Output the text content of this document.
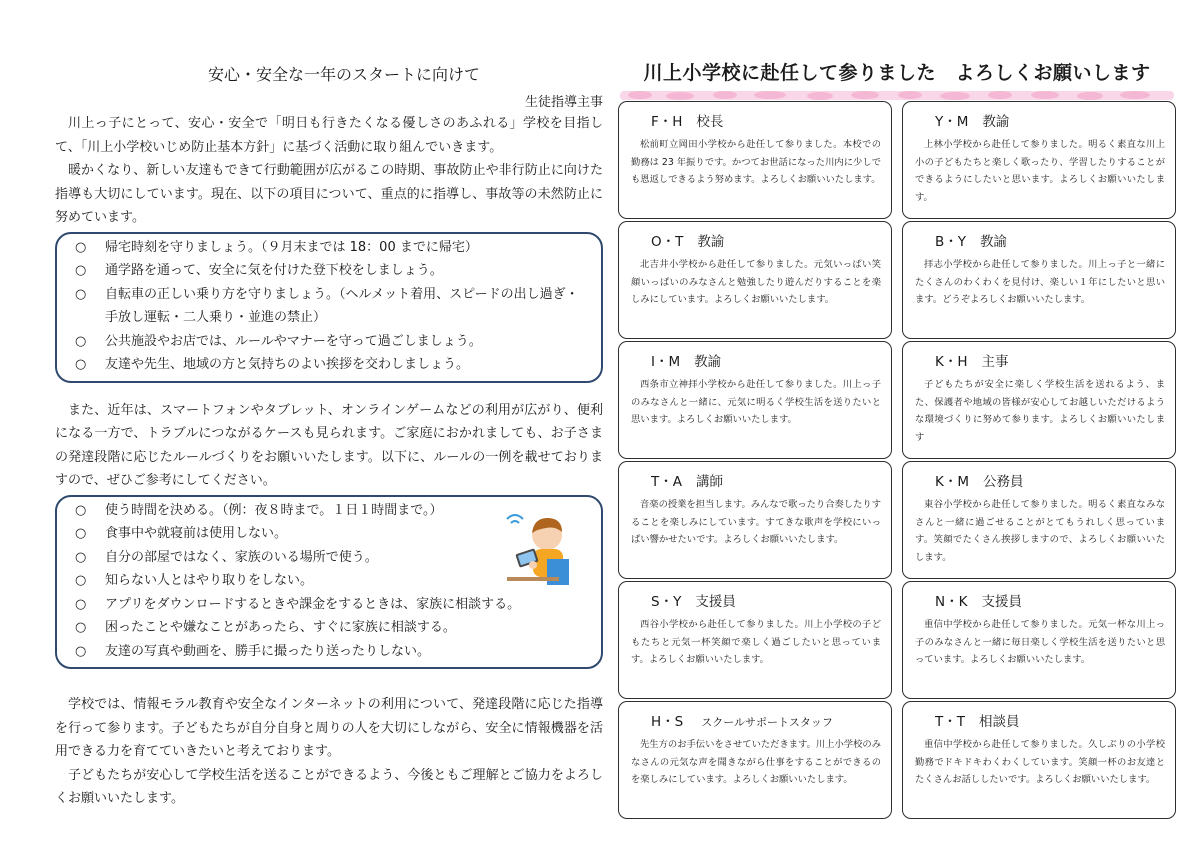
安心・安全な一年のスタートに向けて

生徒指導主事

川上っ子にとって、安心・安全で「明日も行きたくなる優しさのあふれる」学校を目指して、「川上小学校いじめ防止基本方針」に基づく活動に取り組んでいきます。

暖かくなり、新しい友達もできて行動範囲が広がるこの時期、事故防止や非行防止に向けた指導も大切にしています。現在、以下の項目について、重点的に指導し、事故等の未然防止に努めています。

○ 帰宅時刻を守りましょう。（９月末までは 18：00 までに帰宅）
○ 通学路を通って、安全に気を付けた登下校をしましょう。
○ 自転車の正しい乗り方を守りましょう。（ヘルメット着用、スピードの出し過ぎ・手放し運転・二人乗り・並進の禁止）
○ 公共施設やお店では、ルールやマナーを守って過ごしましょう。
○ 友達や先生、地域の方と気持ちのよい挨拶を交わしましょう。

また、近年は、スマートフォンやタブレット、オンラインゲームなどの利用が広がり、便利になる一方で、トラブルにつながるケースも見られます。ご家庭におかれましても、お子さまの発達段階に応じたルールづくりをお願いいたします。以下に、ルールの一例を載せておりますので、ぜひご参考にしてください。

○ 使う時間を決める。（例：夜８時まで。１日１時間まで。）
○ 食事中や就寝前は使用しない。
○ 自分の部屋ではなく、家族のいる場所で使う。
○ 知らない人とはやり取りをしない。
○ アプリをダウンロードするときや課金をするときは、家族に相談する。
○ 困ったことや嫌なことがあったら、すぐに家族に相談する。
○ 友達の写真や動画を、勝手に撮ったり送ったりしない。

学校では、情報モラル教育や安全なインターネットの利用について、発達段階に応じた指導を行って参ります。子どもたちが自分自身と周りの人を大切にしながら、安全に情報機器を活用できる力を育てていきたいと考えております。

子どもたちが安心して学校生活を送ることができるよう、今後ともご理解とご協力をよろしくお願いいたします。

川上小学校に赴任して参りました　よろしくお願いします

F・H 校長

松前町立岡田小学校から赴任して参りました。本校での勤務は 23 年振りです。かつてお世話になった川内に少しでも恩返しできるよう努めます。よろしくお願いいたします。

Y・M 教諭

上林小学校から赴任して参りました。明るく素直な川上小の子どもたちと楽しく歌ったり、学習したりすることができるようにしたいと思います。よろしくお願いいたします。

O・T 教諭

北吉井小学校から赴任して参りました。元気いっぱい笑顔いっぱいのみなさんと勉強したり遊んだりすることを楽しみにしています。よろしくお願いいたします。

B・Y 教諭

拝志小学校から赴任して参りました。川上っ子と一緒にたくさんのわくわくを見付け、楽しい１年にしたいと思います。どうぞよろしくお願いいたします。

I・M 教諭

西条市立神拝小学校から赴任して参りました。川上っ子のみなさんと一緒に、元気に明るく学校生活を送りたいと思います。よろしくお願いいたします。

K・H 主事

子どもたちが安全に楽しく学校生活を送れるよう、また、保護者や地域の皆様が安心してお越しいただけるような環境づくりに努めて参ります。よろしくお願いいたします

T・A 講師

音楽の授業を担当します。みんなで歌ったり合奏したりすることを楽しみにしています。すてきな歌声を学校にいっぱい響かせたいです。よろしくお願いいたします。

K・M 公務員

東谷小学校から赴任して参りました。明るく素直なみなさんと一緒に過ごせることがとてもうれしく思っています。笑顔でたくさん挨拶しますので、よろしくお願いいたします。

S・Y 支援員

西谷小学校から赴任して参りました。川上小学校の子どもたちと元気一杯笑顔で楽しく過ごしたいと思っています。よろしくお願いいたします。

N・K 支援員

重信中学校から赴任して参りました。元気一杯な川上っ子のみなさんと一緒に毎日楽しく学校生活を送りたいと思っています。よろしくお願いいたします。

H・S スクールサポートスタッフ

先生方のお手伝いをさせていただきます。川上小学校のみなさんの元気な声を聞きながら仕事をすることができるのを楽しみにしています。よろしくお願いいたします。

T・T 相談員

重信中学校から赴任して参りました。久しぶりの小学校勤務でドキドキわくわくしています。笑顔一杯のお友達とたくさんお話ししたいです。よろしくお願いいたします。
